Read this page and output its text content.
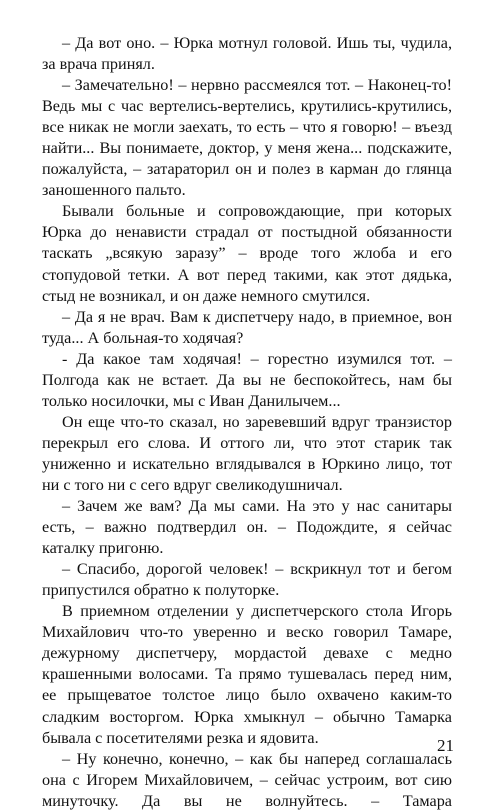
– Да вот оно. – Юрка мотнул головой. Ишь ты, чудила, за врача принял.

– Замечательно! – нервно рассмеялся тот. – Наконец-то! Ведь мы с час вертелись-вертелись, крутились-крутились, все никак не могли заехать, то есть – что я говорю! – въезд найти... Вы понимаете, доктор, у меня жена... подскажите, пожалуйста, – затараторил он и полез в карман до глянца заношенного пальто.

Бывали больные и сопровождающие, при которых Юрка до ненависти страдал от постыдной обязанности таскать „всякую заразу” – вроде того жлоба и его стопудовой тетки. А вот перед такими, как этот дядька, стыд не возникал, и он даже немного смутился.

– Да я не врач. Вам к диспетчеру надо, в приемное, вон туда... А больная-то ходячая?

- Да какое там ходячая! – горестно изумился тот. – Полгода как не встает. Да вы не беспокойтесь, нам бы только носилочки, мы с Иван Данилычем...

Он еще что-то сказал, но заревевший вдруг транзистор перекрыл его слова. И оттого ли, что этот старик так униженно и искательно вглядывался в Юркино лицо, тот ни с того ни с сего вдруг свеликодушничал.

– Зачем же вам? Да мы сами. На это у нас санитары есть, – важно подтвердил он. – Подождите, я сейчас каталку пригоню.

– Спасибо, дорогой человек! – вскрикнул тот и бегом припустился обратно к полуторке.

В приемном отделении у диспетчерского стола Игорь Михайлович что-то уверенно и веско говорил Тамаре, дежурному диспетчеру, мордастой девахе с медно крашенными волосами. Та прямо тушевалась перед ним, ее прыщеватое толстое лицо было охвачено каким-то сладким восторгом. Юрка хмыкнул – обычно Тамарка бывала с посетителями резка и ядовита.

– Ну конечно, конечно, – как бы наперед соглашалась она с Игорем Михайловичем, – сейчас устроим, вот сию минуточку. Да вы не волнуйтесь. – Тамара

21
